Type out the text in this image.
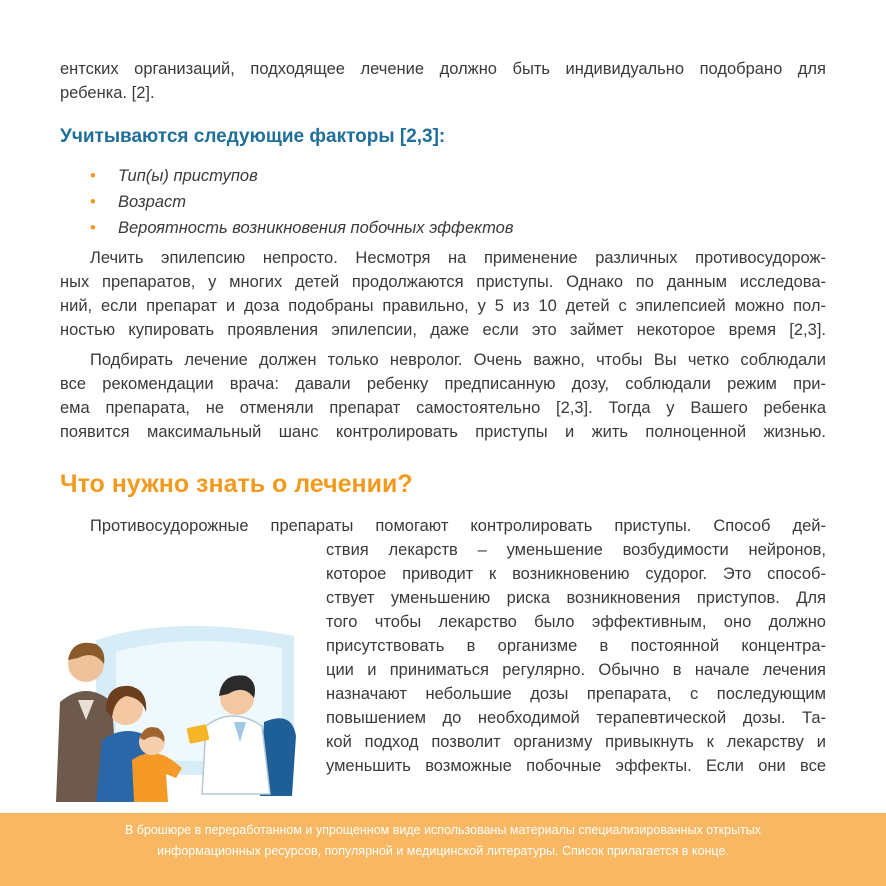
ентских организаций, подходящее лечение должно быть индивидуально подобрано для

ребенка. [2].

Учитываются следующие факторы [2,3]:
• Тип(ы) приступов
• Возраст
• Вероятность возникновения побочных эффектов

Лечить эпилепсию непросто. Несмотря на применение различных противосудорож-

ных препаратов, у многих детей продолжаются приступы. Однако по данным исследова-

ний, если препарат и доза подобраны правильно, у 5 из 10 детей с эпилепсией можно пол-

ностью купировать проявления эпилепсии, даже если это займет некоторое время [2,3].

Подбирать лечение должен только невролог. Очень важно, чтобы Вы четко соблюдали

все рекомендации врача: давали ребенку предписанную дозу, соблюдали режим при-

ема препарата, не отменяли препарат самостоятельно [2,3]. Тогда у Вашего ребенка

появится максимальный шанс контролировать приступы и жить полноценной жизнью.

Что нужно знать о лечении?

Противосудорожные препараты помогают контролировать приступы. Способ дей-

ствия лекарств – уменьшение возбудимости нейронов,

которое приводит к возникновению судорог. Это способ-

ствует уменьшению риска возникновения приступов. Для

того чтобы лекарство было эффективным, оно должно

присутствовать в организме в постоянной концентра-

ции и приниматься регулярно. Обычно в начале лечения

назначают небольшие дозы препарата, с последующим

повышением до необходимой терапевтической дозы. Та-

кой подход позволит организму привыкнуть к лекарству и

уменьшить возможные побочные эффекты. Если они все

В брошюре в переработанном и упрощенном виде использованы материалы специализированных открытых

информационных ресурсов, популярной и медицинской литературы. Список прилагается в конце.
